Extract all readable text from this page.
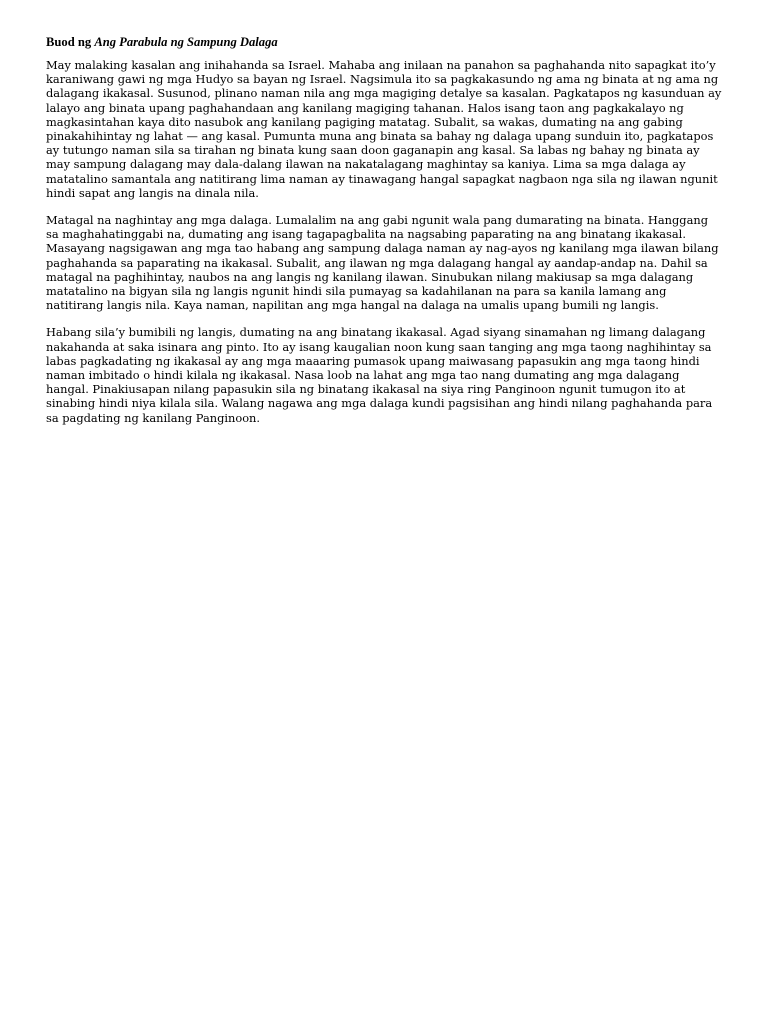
Buod ng Ang Parabula ng Sampung Dalaga

May malaking kasalan ang inihahanda sa Israel. Mahaba ang inilaan na panahon sa paghahanda nito sapagkat ito’y karaniwang gawi ng mga Hudyo sa bayan ng Israel. Nagsimula ito sa pagkakasundo ng ama ng binata at ng ama ng dalagang ikakasal. Susunod, plinano naman nila ang mga magiging detalye sa kasalan. Pagkatapos ng kasunduan ay lalayo ang binata upang paghahandaan ang kanilang magiging tahanan. Halos isang taon ang pagkakalayo ng magkasintahan kaya dito nasubok ang kanilang pagiging matatag. Subalit, sa wakas, dumating na ang gabing pinakahihintay ng lahat — ang kasal. Pumunta muna ang binata sa bahay ng dalaga upang sunduin ito, pagkatapos ay tutungo naman sila sa tirahan ng binata kung saan doon gaganapin ang kasal. Sa labas ng bahay ng binata ay may sampung dalagang may dala-dalang ilawan na nakatalagang maghintay sa kaniya. Lima sa mga dalaga ay matatalino samantala ang natitirang lima naman ay tinawagang hangal sapagkat nagbaon nga sila ng ilawan ngunit hindi sapat ang langis na dinala nila.

Matagal na naghintay ang mga dalaga. Lumalalim na ang gabi ngunit wala pang dumarating na binata. Hanggang sa maghahatinggabi na, dumating ang isang tagapagbalita na nagsabing paparating na ang binatang ikakasal. Masayang nagsigawan ang mga tao habang ang sampung dalaga naman ay nag-ayos ng kanilang mga ilawan bilang paghahanda sa paparating na ikakasal. Subalit, ang ilawan ng mga dalagang hangal ay aandap-andap na. Dahil sa matagal na paghihintay, naubos na ang langis ng kanilang ilawan. Sinubukan nilang makiusap sa mga dalagang matatalino na bigyan sila ng langis ngunit hindi sila pumayag sa kadahilanan na para sa kanila lamang ang natitirang langis nila. Kaya naman, napilitan ang mga hangal na dalaga na umalis upang bumili ng langis.

Habang sila’y bumibili ng langis, dumating na ang binatang ikakasal. Agad siyang sinamahan ng limang dalagang nakahanda at saka isinara ang pinto. Ito ay isang kaugalian noon kung saan tanging ang mga taong naghihintay sa labas pagkadating ng ikakasal ay ang mga maaaring pumasok upang maiwasang papasukin ang mga taong hindi naman imbitado o hindi kilala ng ikakasal. Nasa loob na lahat ang mga tao nang dumating ang mga dalagang hangal. Pinakiusapan nilang papasukin sila ng binatang ikakasal na siya ring Panginoon ngunit tumugon ito at sinabing hindi niya kilala sila. Walang nagawa ang mga dalaga kundi pagsisihan ang hindi nilang paghahanda para sa pagdating ng kanilang Panginoon.
